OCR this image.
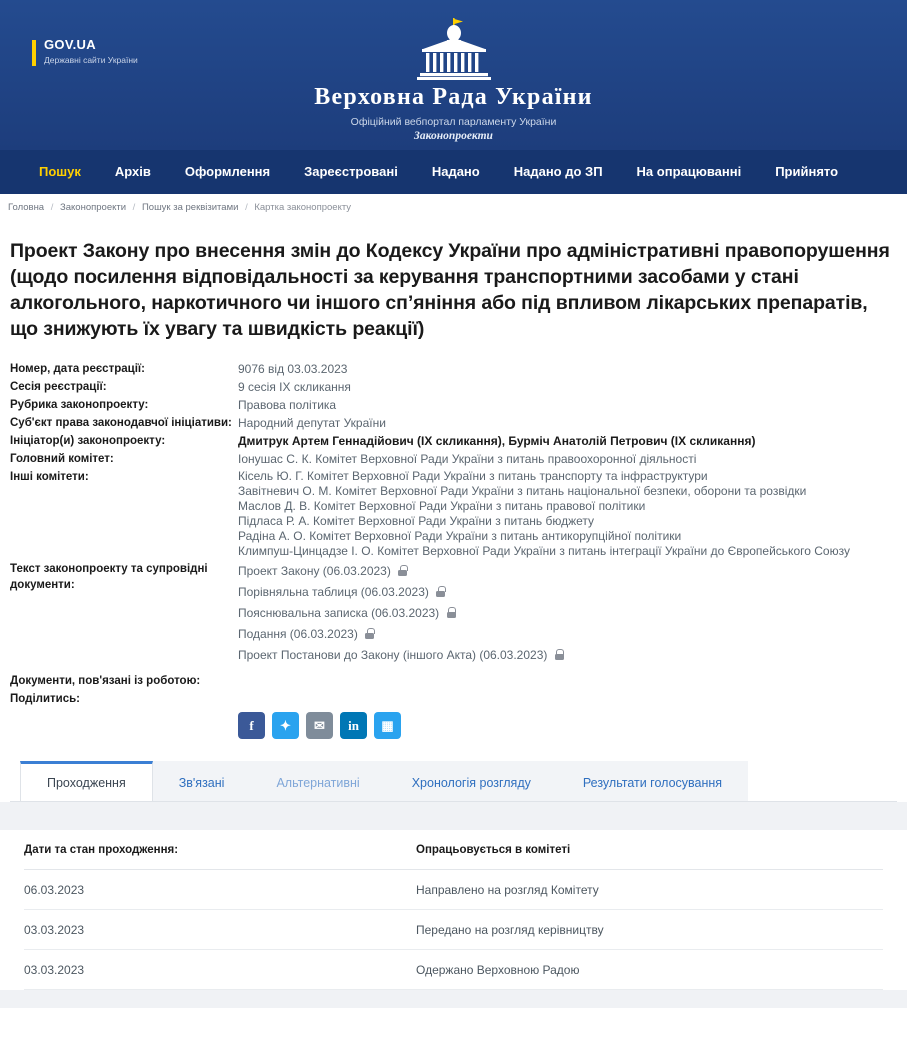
GOV.UA
Державні сайти України
Верховна Рада України
Офіційний вебпортал парламенту України
Законопроекти
Пошук	Архів	Оформлення	Зареєстровані	Надано	Надано до ЗП	На опрацюванні	Прийнято
Головна / Законопроекти / Пошук за реквізитами / Картка законопроекту
Проект Закону про внесення змін до Кодексу України про адміністративні правопорушення (щодо посилення відповідальності за керування транспортними засобами у стані алкогольного, наркотичного чи іншого сп’яніння або під впливом лікарських препаратів, що знижують їх увагу та швидкість реакції)
Номер, дата реєстрації:	9076 від 03.03.2023
Сесія реєстрації:	9 сесія IX скликання
Рубрика законопроекту:	Правова політика
Суб'єкт права законодавчої ініціативи:	Народний депутат України
Ініціатор(и) законопроекту:	Дмитрук Артем Геннадійович (IX скликання), Бурміч Анатолій Петрович (IX скликання)
Головний комітет:	Іонушас С. К. Комітет Верховної Ради України з питань правоохоронної діяльності
Інші комітети:	Кісель Ю. Г. Комітет Верховної Ради України з питань транспорту та інфраструктури
Завітневич О. М. Комітет Верховної Ради України з питань національної безпеки, оборони та розвідки
Маслов Д. В. Комітет Верховної Ради України з питань правової політики
Підласа Р. А. Комітет Верховної Ради України з питань бюджету
Радіна А. О. Комітет Верховної Ради України з питань антикорупційної політики
Климпуш-Цинцадзе І. О. Комітет Верховної Ради України з питань інтеграції України до Європейського Союзу

Текст законопроекту та супровідні документи:	Проект Закону (06.03.2023)
Порівняльна таблиця (06.03.2023)
Пояснювальна записка (06.03.2023)
Подання (06.03.2023)
Проект Постанови до Закону (іншого Акта) (06.03.2023)

Документи, пов'язані із роботою:	
Поділитись:	
f ✦ ✉ in ▦
Проходження	Зв'язані	Альтернативні	Хронологія розгляду	Результати голосування
Дати та стан проходження:	Опрацьовується в комітеті
06.03.2023	Направлено на розгляд Комітету
03.03.2023	Передано на розгляд керівництву
03.03.2023	Одержано Верховною Радою
